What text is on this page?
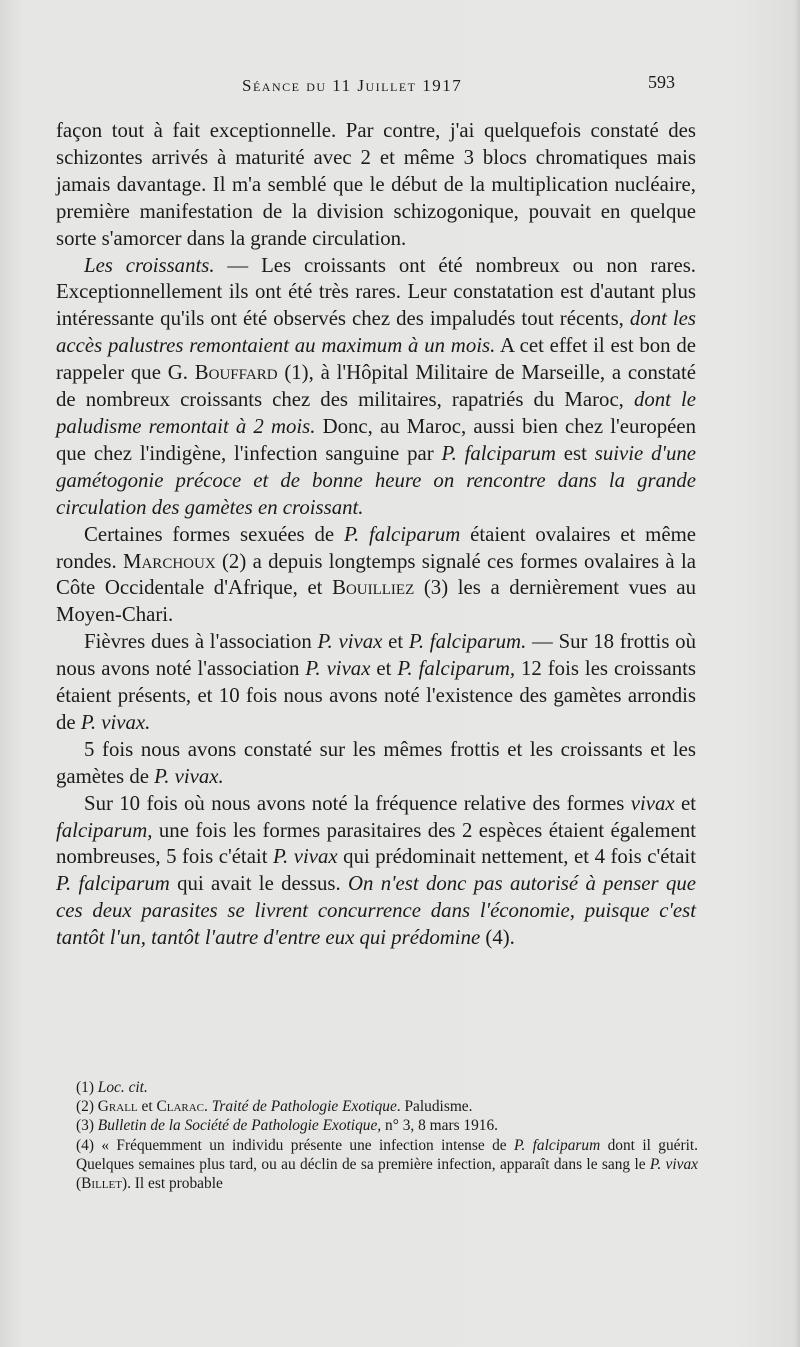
Séance du 11 Juillet 1917	593

façon tout à fait exceptionnelle. Par contre, j'ai quelquefois constaté des schizontes arrivés à maturité avec 2 et même 3 blocs chromatiques mais jamais davantage. Il m'a semblé que le début de la multiplication nucléaire, première manifestation de la division schizogonique, pouvait en quelque sorte s'amorcer dans la grande circulation.

Les croissants. — Les croissants ont été nombreux ou non rares. Exceptionnellement ils ont été très rares. Leur constatation est d'autant plus intéressante qu'ils ont été observés chez des impaludés tout récents, dont les accès palustres remontaient au maximum à un mois. A cet effet il est bon de rappeler que G. Bouffard (1), à l'Hôpital Militaire de Marseille, a constaté de nombreux croissants chez des militaires, rapatriés du Maroc, dont le paludisme remontait à 2 mois. Donc, au Maroc, aussi bien chez l'européen que chez l'indigène, l'infection sanguine par P. falciparum est suivie d'une gamétogonie précoce et de bonne heure on rencontre dans la grande circulation des gamètes en croissant.

Certaines formes sexuées de P. falciparum étaient ovalaires et même rondes. Marchoux (2) a depuis longtemps signalé ces formes ovalaires à la Côte Occidentale d'Afrique, et Bouilliez (3) les a dernièrement vues au Moyen-Chari.

Fièvres dues à l'association P. vivax et P. falciparum. — Sur 18 frottis où nous avons noté l'association P. vivax et P. falciparum, 12 fois les croissants étaient présents, et 10 fois nous avons noté l'existence des gamètes arrondis de P. vivax.

5 fois nous avons constaté sur les mêmes frottis et les croissants et les gamètes de P. vivax.

Sur 10 fois où nous avons noté la fréquence relative des formes vivax et falciparum, une fois les formes parasitaires des 2 espèces étaient également nombreuses, 5 fois c'était P. vivax qui prédominait nettement, et 4 fois c'était P. falciparum qui avait le dessus. On n'est donc pas autorisé à penser que ces deux parasites se livrent concurrence dans l'économie, puisque c'est tantôt l'un, tantôt l'autre d'entre eux qui prédomine (4).

(1) Loc. cit.

(2) Grall et Clarac. Traité de Pathologie Exotique. Paludisme.

(3) Bulletin de la Société de Pathologie Exotique, n° 3, 8 mars 1916.

(4) « Fréquemment un individu présente une infection intense de P. falciparum dont il guérit. Quelques semaines plus tard, ou au déclin de sa première infection, apparaît dans le sang le P. vivax (Billet). Il est probable
